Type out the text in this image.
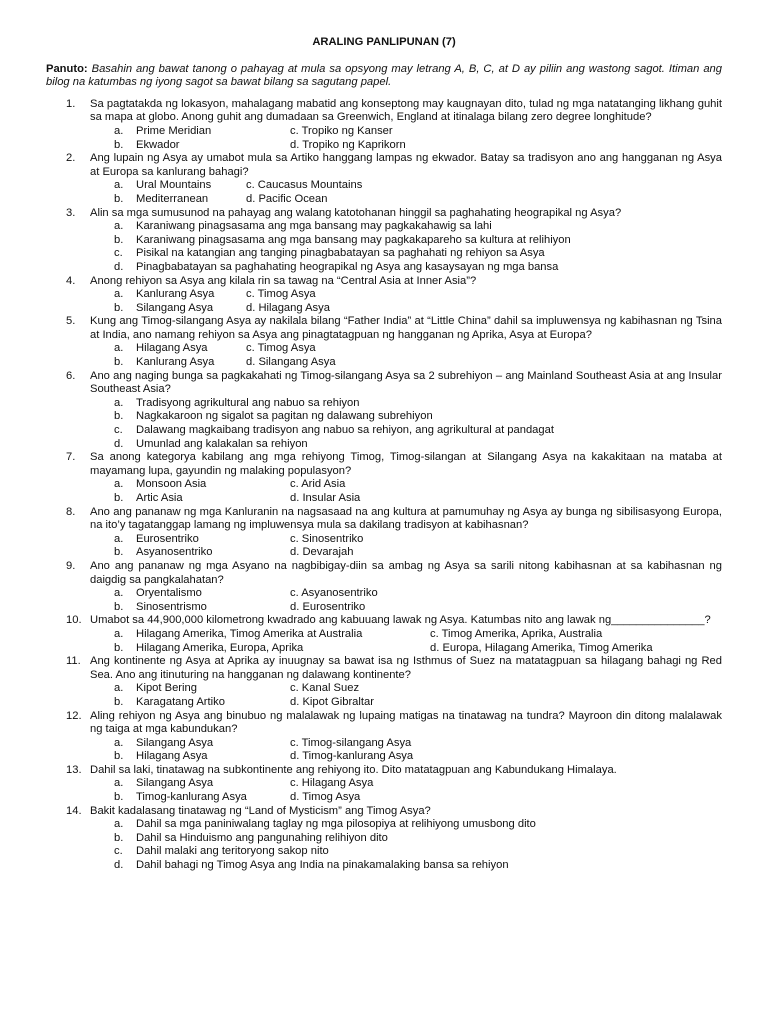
ARALING PANLIPUNAN (7)
Panuto: Basahin ang bawat tanong o pahayag at mula sa opsyong may letrang A, B, C, at D ay piliin ang wastong sagot. Itiman ang bilog na katumbas ng iyong sagot sa bawat bilang sa sagutang papel.
1. Sa pagtatakda ng lokasyon, mahalagang mabatid ang konseptong may kaugnayan dito, tulad ng mga natatanging likhang guhit sa mapa at globo. Anong guhit ang dumadaan sa Greenwich, England at itinalaga bilang zero degree longhitude?
a.	Prime Meridian	c. Tropiko ng Kanser
b.	Ekwador	d. Tropiko ng Kaprikorn
2. Ang lupain ng Asya ay umabot mula sa Artiko hanggang lampas ng ekwador. Batay sa tradisyon ano ang hangganan ng Asya at Europa sa kanlurang bahagi?
a.	Ural Mountains	c. Caucasus Mountains
b.	Mediterranean	d. Pacific Ocean
3. Alin sa mga sumusunod na pahayag ang walang katotohanan hinggil sa paghahating heograpikal ng Asya?
a.	Karaniwang pinagsasama ang mga bansang may pagkakahawig sa lahi
b.	Karaniwang pinagsasama ang mga bansang may pagkakapareho sa kultura at relihiyon
c.	Pisikal na katangian ang tanging pinagbabatayan sa paghahati ng rehiyon sa Asya
d.	Pinagbabatayan sa paghahating heograpikal ng Asya ang kasaysayan ng mga bansa
4. Anong rehiyon sa Asya ang kilala rin sa tawag na “Central Asia at Inner Asia”?
a.	Kanlurang Asya	c. Timog Asya
b.	Silangang Asya	d. Hilagang Asya
5. Kung ang Timog-silangang Asya ay nakilala bilang “Father India” at “Little China” dahil sa impluwensya ng kabihasnan ng Tsina at India, ano namang rehiyon sa Asya ang pinagtatagpuan ng hangganan ng Aprika, Asya at Europa?
a.	Hilagang Asya	c. Timog Asya
b.	Kanlurang Asya	d. Silangang Asya
6. Ano ang naging bunga sa pagkakahati ng Timog-silangang Asya sa 2 subrehiyon – ang Mainland Southeast Asia at ang Insular Southeast Asia?
a.	Tradisyong agrikultural ang nabuo sa rehiyon
b.	Nagkakaroon ng sigalot sa pagitan ng dalawang subrehiyon
c.	Dalawang magkaibang tradisyon ang nabuo sa rehiyon, ang agrikultural at pandagat
d.	Umunlad ang kalakalan sa rehiyon
7. Sa anong kategorya kabilang ang mga rehiyong Timog, Timog-silangan at Silangang Asya na kakakitaan na mataba at mayamang lupa, gayundin ng malaking populasyon?
a.	Monsoon Asia	c. Arid Asia
b.	Artic Asia	d. Insular Asia
8. Ano ang pananaw ng mga Kanluranin na nagsasaad na ang kultura at pamumuhay ng Asya ay bunga ng sibilisasyong Europa, na ito’y tagatanggap lamang ng impluwensya mula sa dakilang tradisyon at kabihasnan?
a.	Eurosentriko	c. Sinosentriko
b.	Asyanosentriko	d. Devarajah
9. Ano ang pananaw ng mga Asyano na nagbibigay-diin sa ambag ng Asya sa sarili nitong kabihasnan at sa kabihasnan ng daigdig sa pangkalahatan?
a.	Oryentalismo	c. Asyanosentriko
b.	Sinosentrismo	d. Eurosentriko
10. Umabot sa 44,900,000 kilometrong kwadrado ang kabuuang lawak ng Asya. Katumbas nito ang lawak ng_______________?
a.	Hilagang Amerika, Timog Amerika at Australia	c. Timog Amerika, Aprika, Australia
b.	Hilagang Amerika, Europa, Aprika	d. Europa, Hilagang Amerika, Timog Amerika
11. Ang kontinente ng Asya at Aprika ay inuugnay sa bawat isa ng Isthmus of Suez na matatagpuan sa hilagang bahagi ng Red Sea. Ano ang itinuturing na hangganan ng dalawang kontinente?
a.	Kipot Bering	c. Kanal Suez
b.	Karagatang Artiko	d. Kipot Gibraltar
12. Aling rehiyon ng Asya ang binubuo ng malalawak ng lupaing matigas na tinatawag na tundra? Mayroon din ditong malalawak ng taiga at mga kabundukan?
a.	Silangang Asya	c. Timog-silangang Asya
b.	Hilagang Asya	d. Timog-kanlurang Asya
13. Dahil sa laki, tinatawag na subkontinente ang rehiyong ito. Dito matatagpuan ang Kabundukang Himalaya.
a.	Silangang Asya	c. Hilagang Asya
b.	Timog-kanlurang Asya	d. Timog Asya
14. Bakit kadalasang tinatawag ng “Land of Mysticism” ang Timog Asya?
a.	Dahil sa mga paniniwalang taglay ng mga pilosopiya at relihiyong umusbong dito
b.	Dahil sa Hinduismo ang pangunahing relihiyon dito
c.	Dahil malaki ang teritoryong sakop nito
d.	Dahil bahagi ng Timog Asya ang India na pinakamalaking bansa sa rehiyon
